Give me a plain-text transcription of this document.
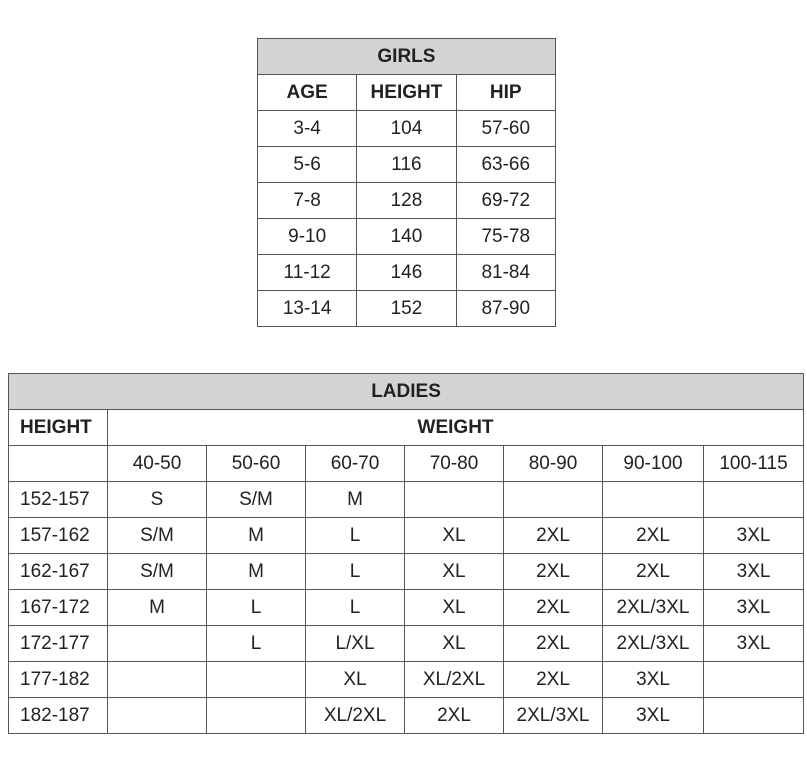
GIRLS		
AGE	HEIGHT	HIP
3-4	104	57-60
5-6	116	63-66
7-8	128	69-72
9-10	140	75-78
11-12	146	81-84
13-14	152	87-90
LADIES							
HEIGHT	WEIGHT						
	40-50	50-60	60-70	70-80	80-90	90-100	100-115
152-157	S	S/M	M				
157-162	S/M	M	L	XL	2XL	2XL	3XL
162-167	S/M	M	L	XL	2XL	2XL	3XL
167-172	M	L	L	XL	2XL	2XL/3XL	3XL
172-177		L	L/XL	XL	2XL	2XL/3XL	3XL
177-182			XL	XL/2XL	2XL	3XL	
182-187			XL/2XL	2XL	2XL/3XL	3XL	
